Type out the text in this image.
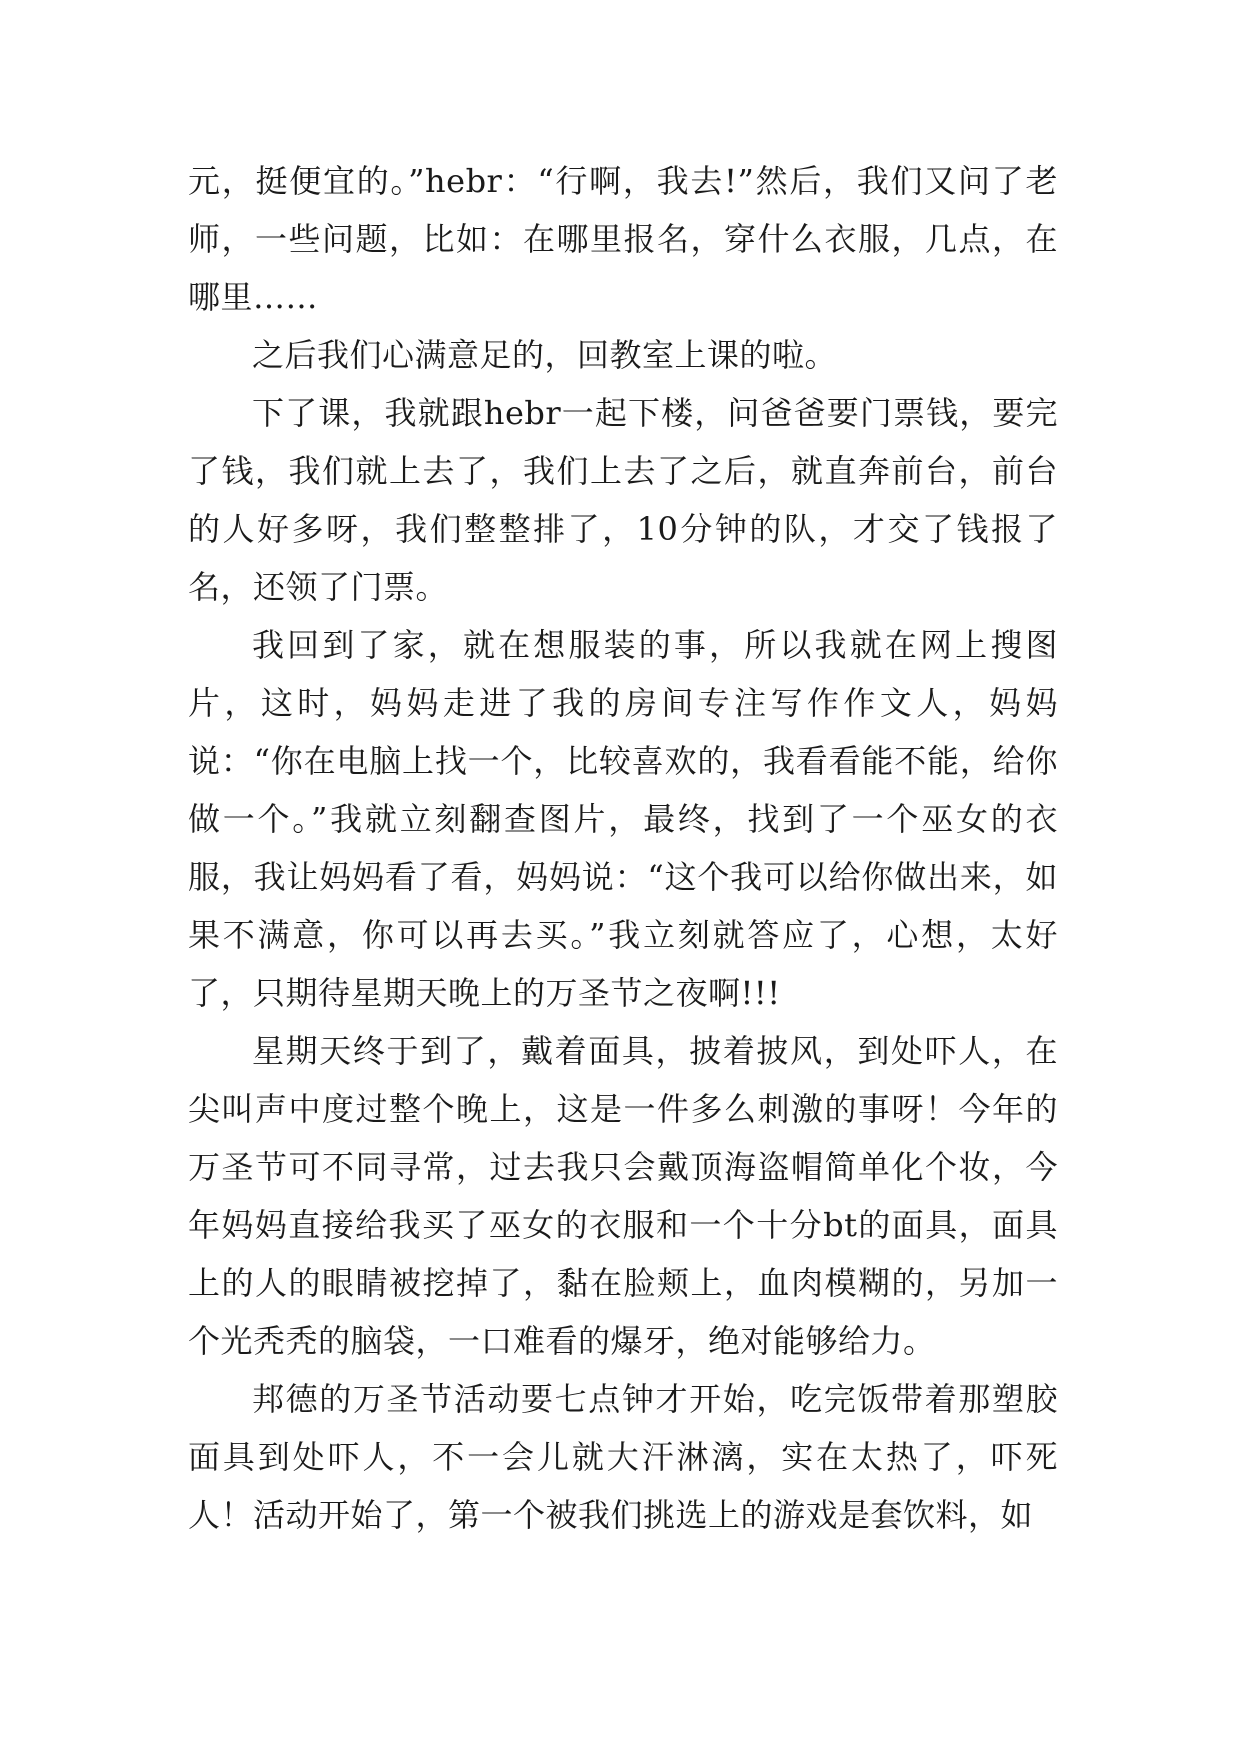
元，挺便宜的。”hebr：“行啊，我去!”然后，我们又问了老师，一些问题，比如：在哪里报名，穿什么衣服，几点，在哪里……

之后我们心满意足的，回教室上课的啦。

下了课，我就跟hebr一起下楼，问爸爸要门票钱，要完了钱，我们就上去了，我们上去了之后，就直奔前台，前台的人好多呀，我们整整排了，10分钟的队，才交了钱报了名，还领了门票。

我回到了家，就在想服装的事，所以我就在网上搜图片，这时，妈妈走进了我的房间专注写作作文人，妈妈说：“你在电脑上找一个，比较喜欢的，我看看能不能，给你做一个。”我就立刻翻查图片，最终，找到了一个巫女的衣服，我让妈妈看了看，妈妈说：“这个我可以给你做出来，如果不满意，你可以再去买。”我立刻就答应了，心想，太好了，只期待星期天晚上的万圣节之夜啊!!!

星期天终于到了，戴着面具，披着披风，到处吓人，在尖叫声中度过整个晚上，这是一件多么刺激的事呀！今年的万圣节可不同寻常，过去我只会戴顶海盗帽简单化个妆，今年妈妈直接给我买了巫女的衣服和一个十分bt的面具，面具上的人的眼睛被挖掉了，黏在脸颊上，血肉模糊的，另加一个光秃秃的脑袋，一口难看的爆牙，绝对能够给力。

邦德的万圣节活动要七点钟才开始，吃完饭带着那塑胶面具到处吓人，不一会儿就大汗淋漓，实在太热了，吓死人！活动开始了，第一个被我们挑选上的游戏是套饮料，如
